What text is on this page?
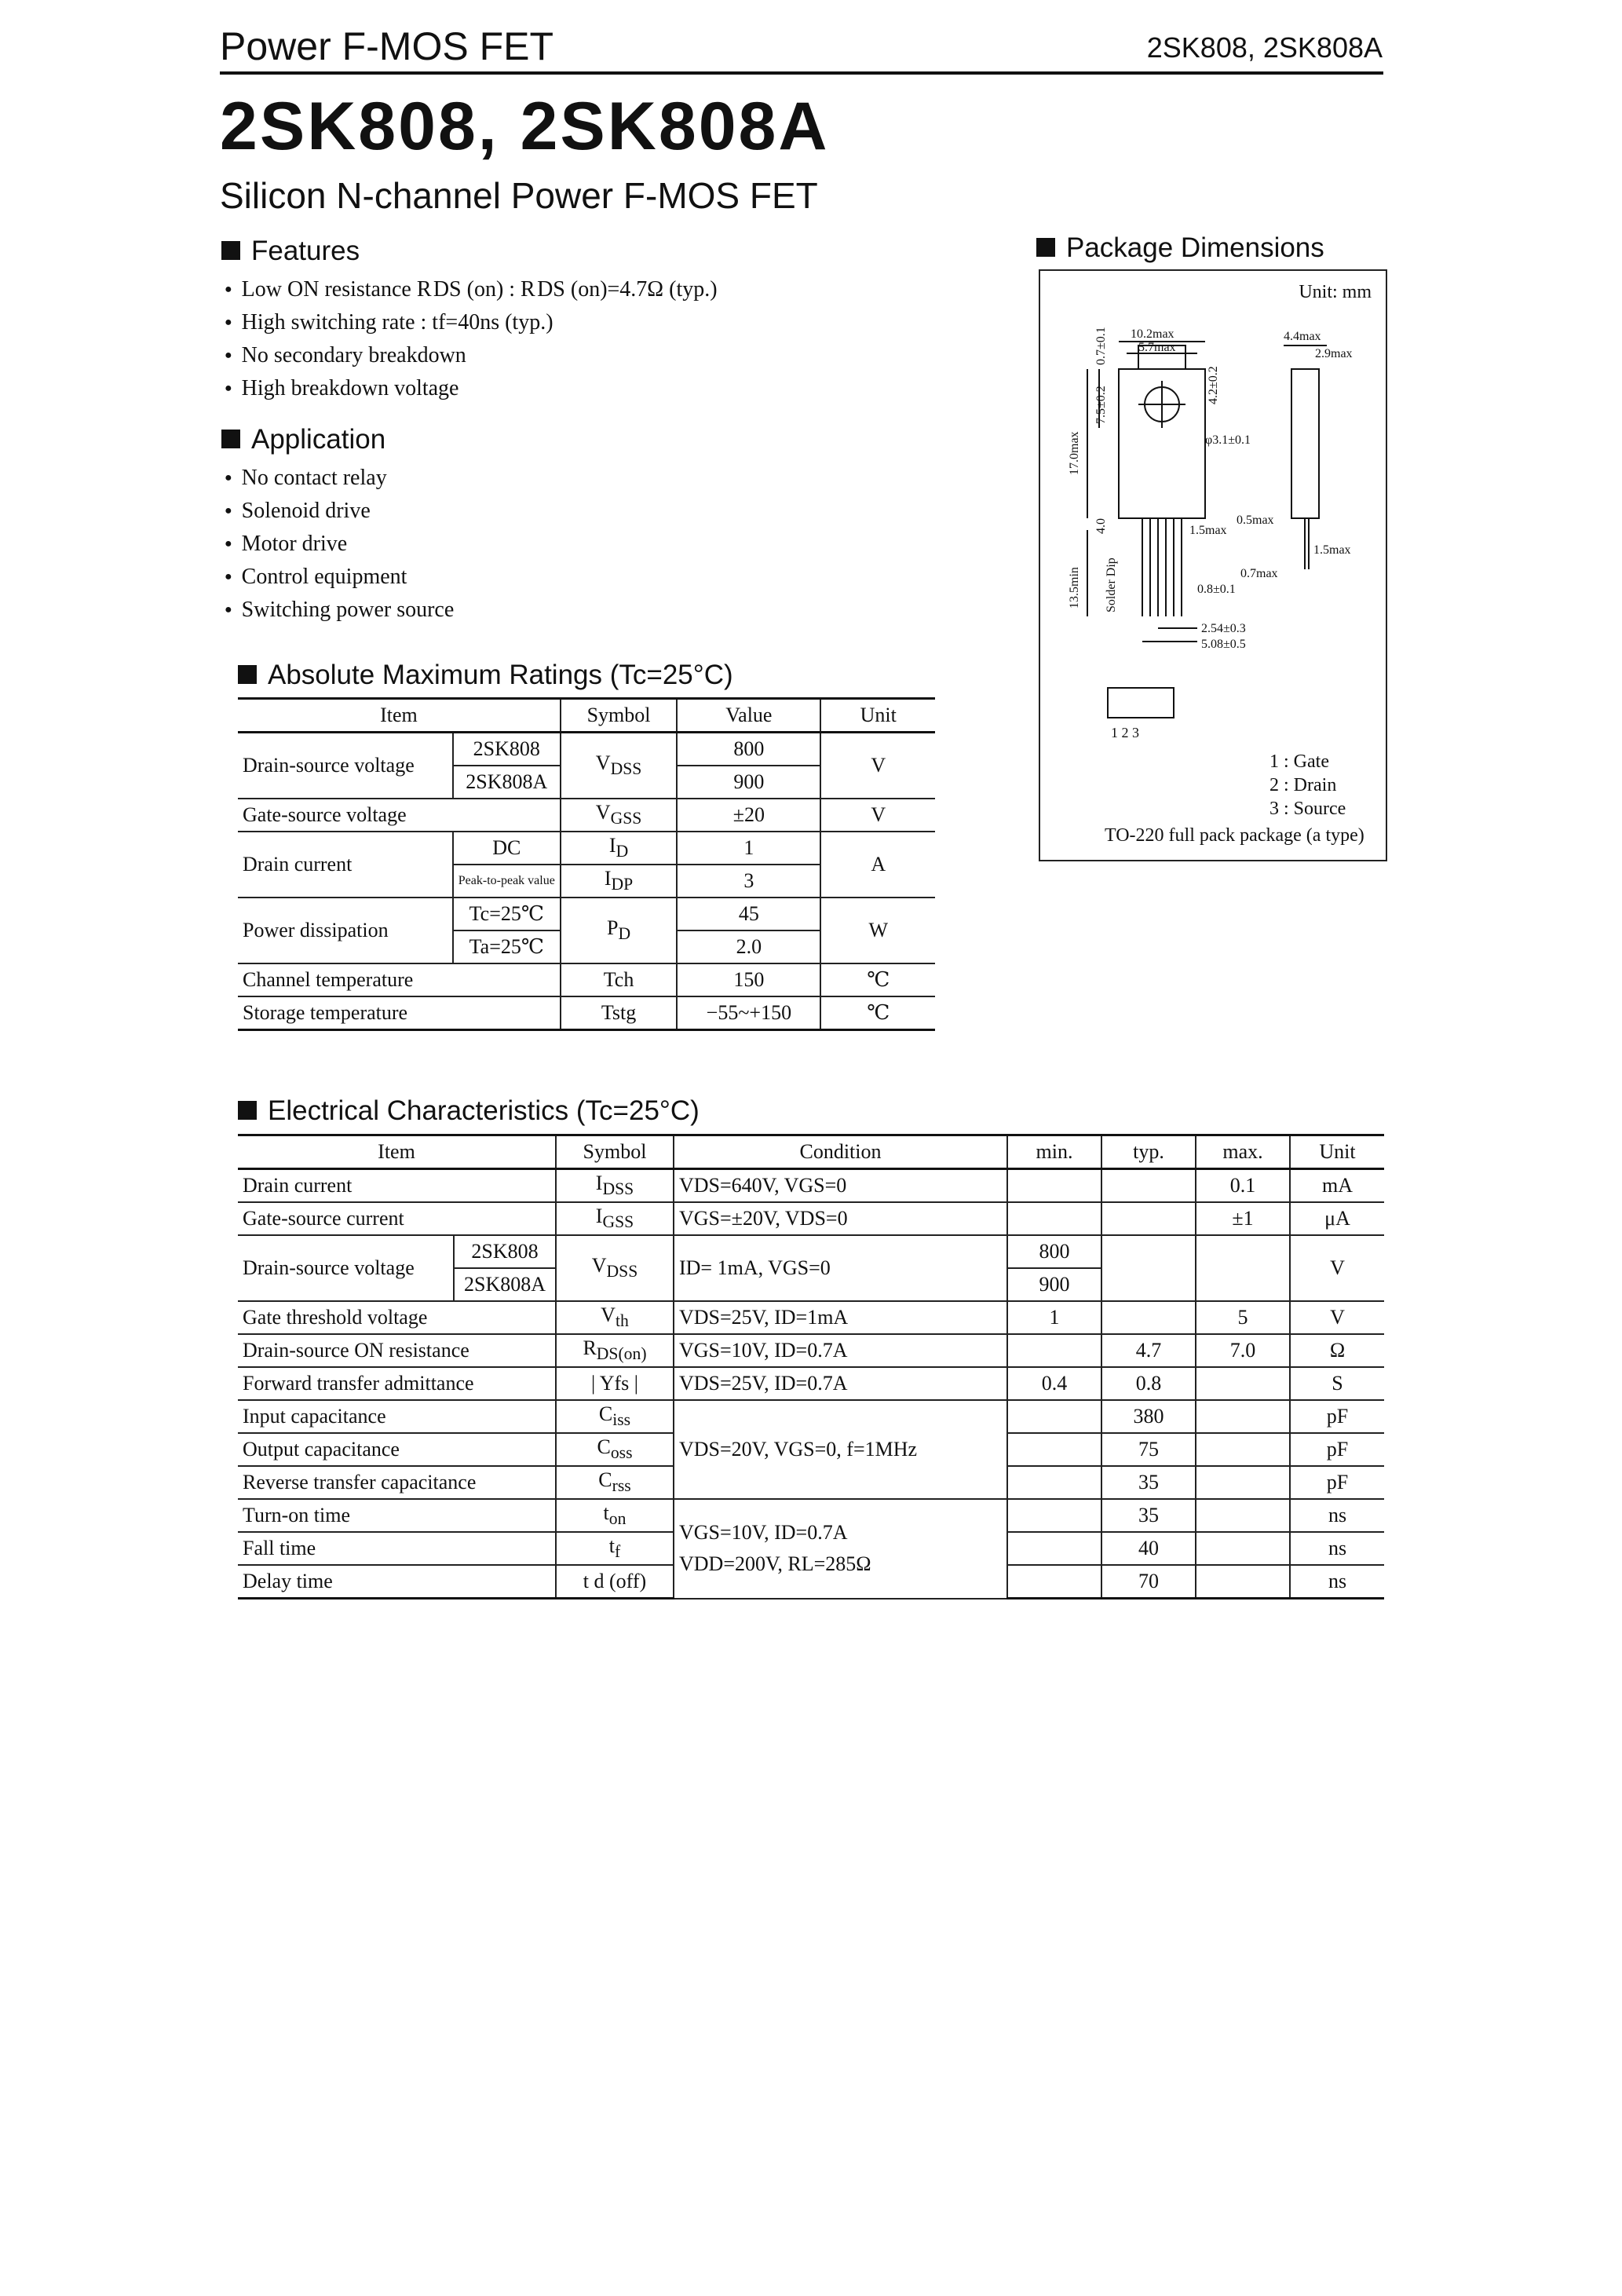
Power F-MOS FET	2SK808, 2SK808A
2SK808, 2SK808A
Silicon N-channel Power F-MOS FET
Features
● Low ON resistance R DS (on) : R DS (on)=4.7Ω (typ.)
● High switching rate : tf=40ns (typ.)
● No secondary breakdown
● High breakdown voltage
Application
● No contact relay
● Solenoid drive
● Motor drive
● Control equipment
● Switching power source
Package Dimensions
Unit: mm
10.2max
5.7max
4.4max
2.9max
φ3.1±0.1
17.0max
7.5±0.2
4.2±0.2
0.7±0.1
4.0
13.5min Solder Dip
1.5max
0.5max
1.5max
0.7max
0.8±0.1
2.54±0.3
5.08±0.5
1 2 3
1 : Gate
2 : Drain
3 : Source
TO-220 full pack package (a type)
Absolute Maximum Ratings (Tc=25°C)
Item		Symbol	Value	Unit
Drain-source voltage	2SK808	$V_{DSS}$	800	V
	2SK808A		900	
Gate-source voltage		$V_{GSS}$	±20	V
Drain current	DC	$I_D$	1	A
	Peak-to-peak value	$I_{DP}$	3	
Power dissipation	Tc=25℃	$P_D$	45	W
	Ta=25℃		2.0	
Channel temperature		Tch	150	℃
Storage temperature		Tstg	−55~+150	℃
Electrical Characteristics (Tc=25°C)
Item		Symbol	Condition	min.	typ.	max.	Unit
Drain current		$I_{DSS}$	VDS=640V, VGS=0			0.1	mA
Gate-source current		$I_{GSS}$	VGS=±20V, VDS=0			±1	μA
Drain-source voltage	2SK808	$V_{DSS}$	ID= 1mA, VGS=0	800			V
	2SK808A			900			
Gate threshold voltage		$V_{th}$	VDS=25V, ID=1mA	1		5	V
Drain-source ON resistance		$R_{DS(on)}$	VGS=10V, ID=0.7A		4.7	7.0	Ω
Forward transfer admittance		| Yfs |	VDS=25V, ID=0.7A	0.4	0.8		S
Input capacitance		$C_{iss}$	VDS=20V, VGS=0, f=1MHz		380		pF
Output capacitance		$C_{oss}$			75		pF
Reverse transfer capacitance		$C_{rss}$			35		pF
Turn-on time		$t_{on}$	VGS=10V, ID=0.7A
VDD=200V, RL=285Ω		35		ns
Fall time		$t_f$			40		ns
Delay time		t d (off)			70		ns
